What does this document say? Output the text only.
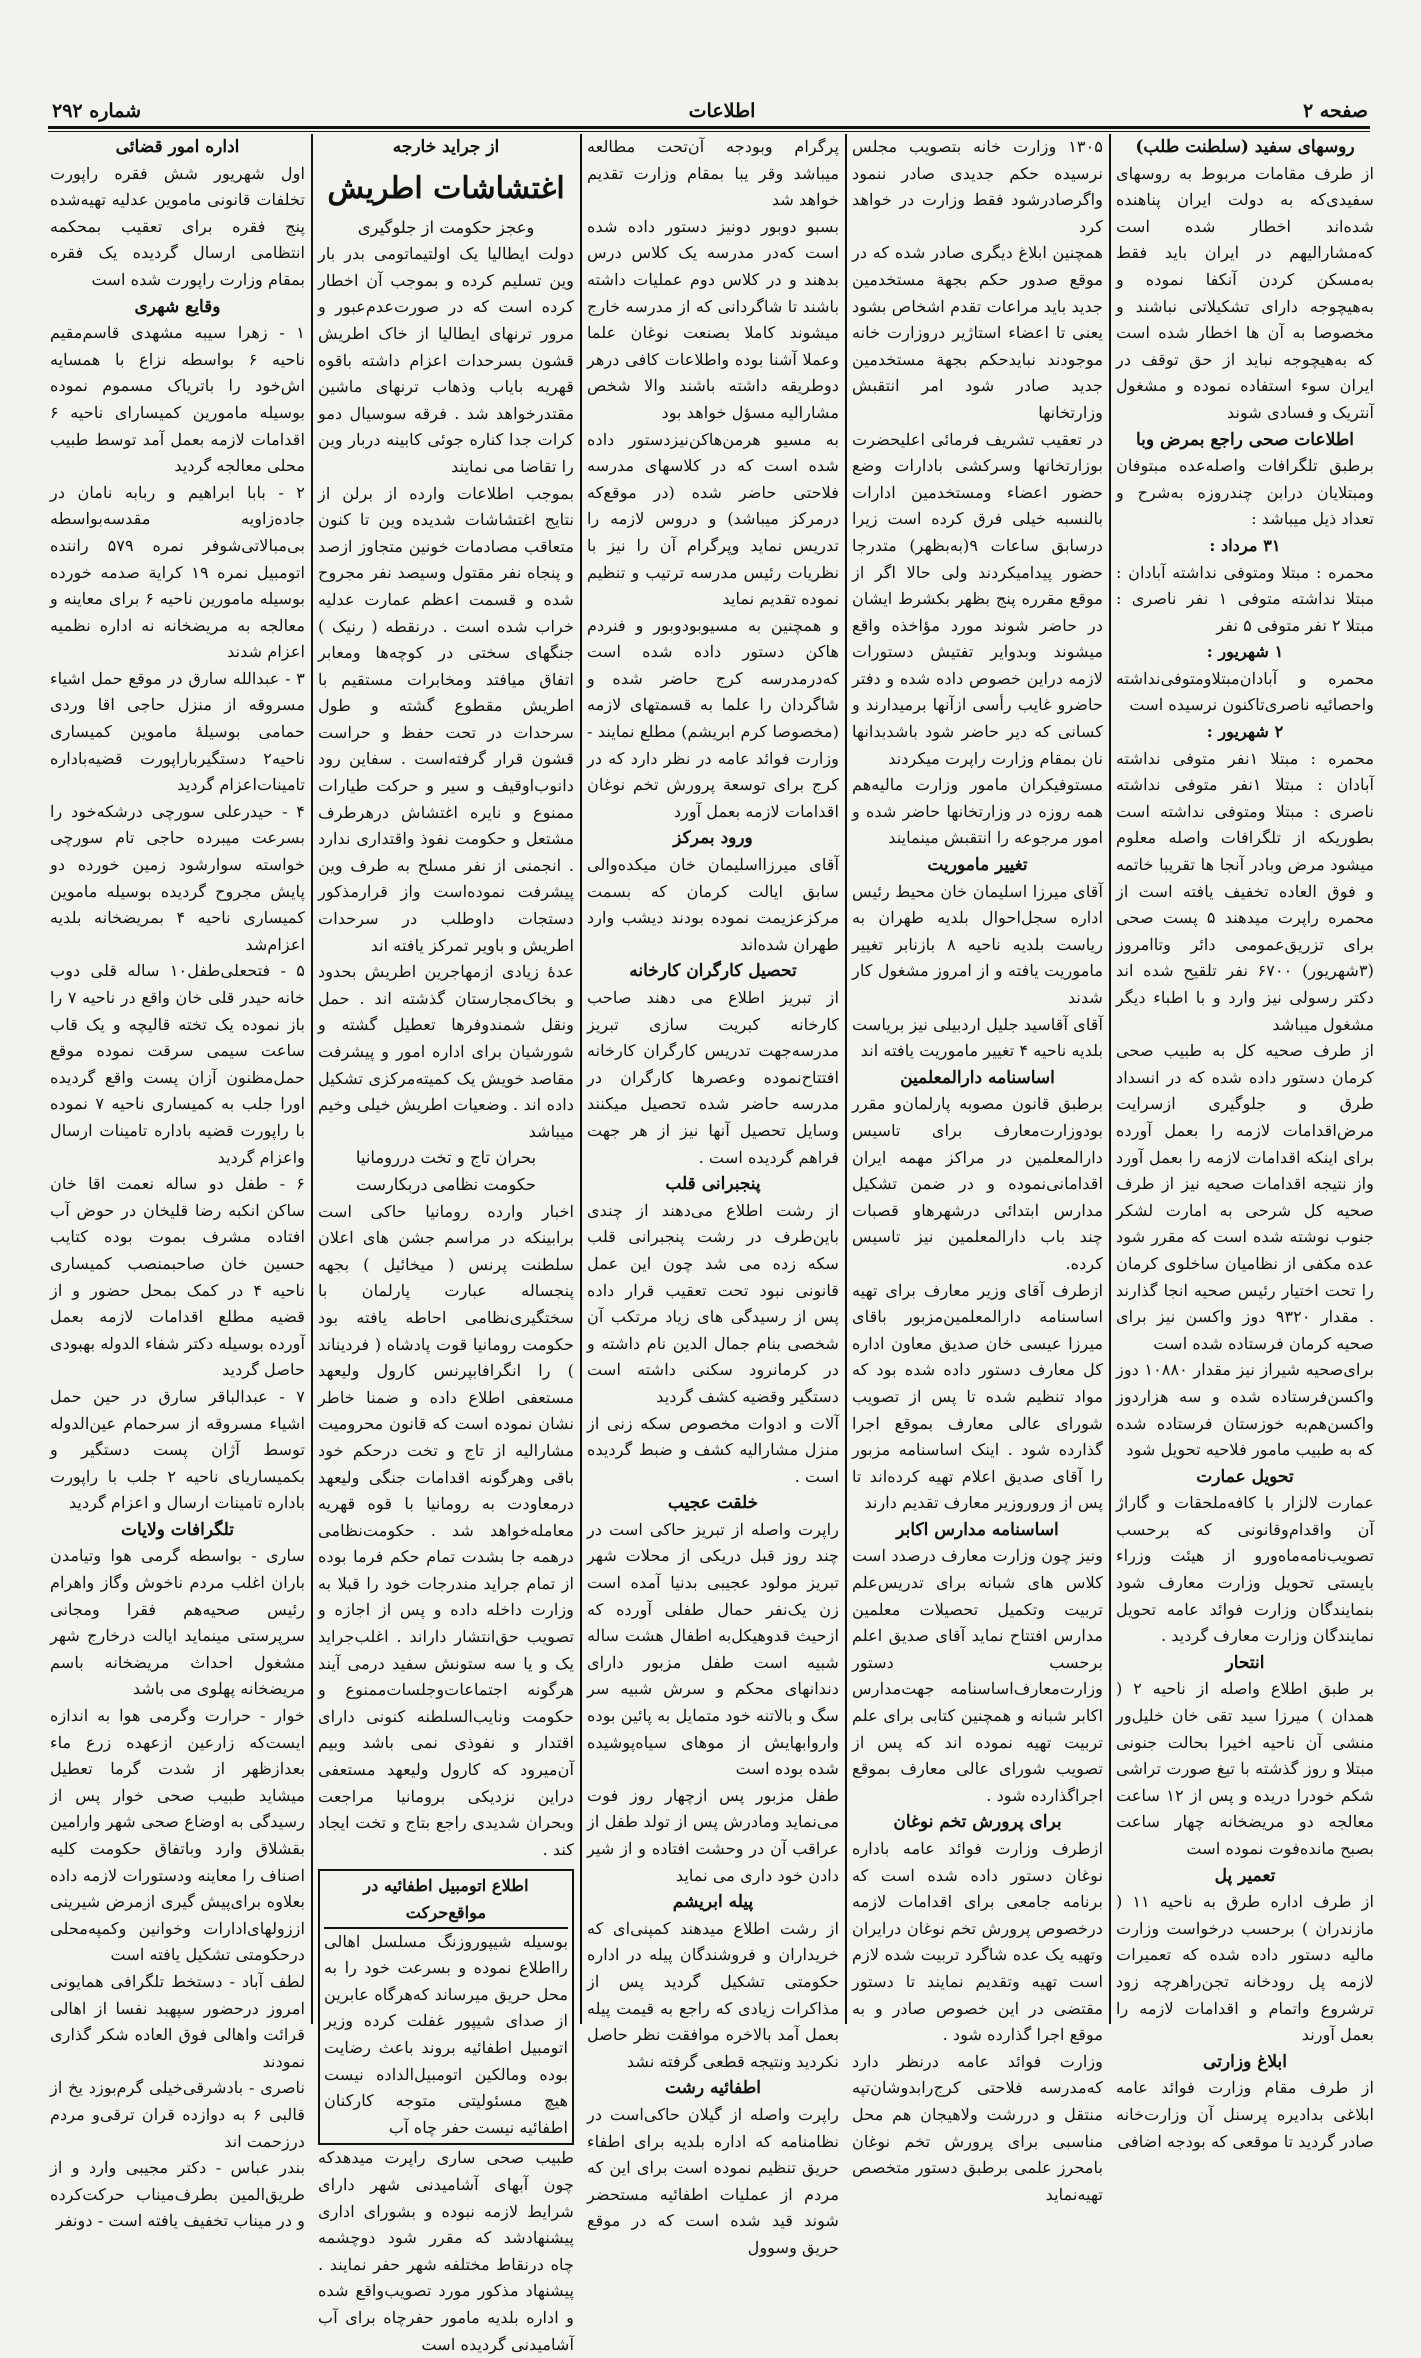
صفحه ۲
اطلاعات
شماره ۲۹۲
روسهای سفید (سلطنت طلب)

از طرف مقامات مربوط به روسهای سفیدی‌که به دولت ایران پناهنده شده‌اند اخطار شده است که‌مشارالیهم در ایران باید فقط به‌مسکن کردن آنکفا نموده و به‌هیچوجه دارای تشکیلاتی نباشند و مخصوصا به آن ها اخطار شده است که به‌هیچوجه نباید از حق توقف در ایران سوء استفاده نموده و مشغول آنتریک و فسادی شوند

اطلاعات صحی راجع بمرض وبا

برطبق تلگرافات واصله‌عده مبتوفان ومبتلایان درابن چندروزه به‌شرح و تعداد ذیل میباشد :

۳۱ مرداد :

محمره : مبتلا ومتوفی نداشته آبادان : مبتلا نداشته متوفی ۱ نفر ناصری : مبتلا ۲ نفر متوفی ۵ نفر

۱ شهریور :

محمره و آبادان‌مبتلاومتوفی‌نداشته واحصائیه ناصری‌تاکنون نرسیده است

۲ شهریور :

محمره : مبتلا ۱نفر متوفی نداشته آبادان : مبتلا ۱نفر متوفی نداشته ناصری : مبتلا ومتوفی نداشته است بطوریکه از تلگرافات واصله معلوم میشود مرض وبادر آنجا ها تقریبا خاتمه و فوق العاده تخفیف یافته است از محمره راپرت میدهند ۵ پست صحی برای تزریق‌عمومی دائر وتاامروز (۳شهریور) ۶۷۰۰ نفر تلقیح شده اند دکتر رسولی نیز وارد و با اطباء دیگر مشغول میباشد

از طرف صحیه کل به طبیب صحی کرمان دستور داده شده که در انسداد طرق و جلوگیری ازسرایت مرض‌اقدامات لازمه را بعمل آورده برای اینکه اقدامات لازمه را بعمل آورد واز نتیجه اقدامات صحیه نیز از طرف صحیه کل شرحی به امارت لشکر جنوب نوشته شده است که مقرر شود عده مکفی از نظامیان ساخلوی کرمان را تحت اختیار رئیس صحیه انجا گذارند . مقدار ۹۳۲۰ دوز واکسن نیز برای صحیه کرمان فرستاده شده است

برای‌صحیه شیراز نیز مقدار ۱۰۸۸۰ دوز واکسن‌فرستاده شده و سه هزاردوز واکسن‌هم‌به خوزستان فرستاده شده که به طبیب مامور فلاحیه تحویل شود

تحویل عمارت

عمارت لالزار با کافه‌ملحقات و گاراژ آن واقدام‌وقانونی که برحسب تصویب‌نامه‌ماه‌ورو از هیئت وزراء بایستی تحویل وزارت معارف شود بنمایندگان وزارت فوائد عامه تحویل نمایندگان وزارت معارف گردید .

انتحار

بر طبق اطلاع واصله از ناحیه ۲ ( همدان ) میرزا سید تقی خان خلیل‌ور منشی آن ناحیه اخیرا بحالت جنونی مبتلا و روز گذشته با تیغ صورت تراشی شکم خودرا دریده و پس از ۱۲ ساعت معالجه دو مریضخانه چهار ساعت بصبح مانده‌فوت نموده است

تعمیر پل

از طرف اداره طرق به ناحیه ۱۱ ( مازندران ) برحسب درخواست وزارت مالیه دستور داده شده که تعمیرات لازمه پل رودخانه تجن‌راهرچه زود ترشروع واتمام و اقدامات لازمه را بعمل آورند

ابلاغ وزارتی

از طرف مقام وزارت فوائد عامه ابلاغی بدادیره پرسنل آن وزارت‌خانه صادر گردید تا موقعی که بودجه اضافی

۱۳۰۵ وزارت خانه بتصویب مجلس نرسیده حکم جدیدی صادر ننمود واگرصادرشود فقط وزارت در خواهد کرد

همچنین ابلاغ دیگری صادر شده که در موقع صدور حکم بجهة مستخدمین جدید باید مراعات تقدم اشخاص بشود یعنی تا اعضاء استاژیر دروزارت خانه موجودند نبایدحکم بجهة مستخدمین جدید صادر شود امر انتقبش وزارتخانها

در تعقیب تشریف فرمائی اعلیحضرت بوزارتخانها وسرکشی بادارات وضع حضور اعضاء ومستخدمین ادارات بالنسبه خیلی فرق کرده است زیرا درسابق ساعات ۹(به‌بظهر) متدرجا حضور پیدامیکردند ولی حالا اگر از موقع مقرره پنج بظهر بکشرط ایشان در حاضر شوند مورد مؤاخذه واقع میشوند وبدوایر تفتیش دستورات لازمه دراین خصوص داده شده و دفتر حاضرو غایب رأسی ازآنها برمیدارند و کسانی که دیر حاضر شود باشدبدانها نان بمقام وزارت راپرت میکردند

مستوفیکران مامور وزارت مالیه‌هم همه روزه در وزارتخانها حاضر شده و امور مرجوعه را انتقبش مینمایند

تغییر ماموریت

آقای میرزا اسلیمان خان محیط رئیس اداره سجل‌احوال بلدیه طهران به ریاست بلدیه ناحیه ۸ بازنابر تغییر ماموریت یافته و از امروز مشغول کار شدند

آقای آقاسید جلیل اردبیلی نیز بریاست بلدیه ناحیه ۴ تغییر ماموریت یافته اند

اساسنامه دارالمعلمین

برطبق قانون مصوبه پارلمان‌و مقرر بودوزارت‌معارف برای تاسیس دارالمعلمین در مراکز مهمه ایران اقدامانی‌نموده و در ضمن تشکیل مدارس ابتدائی درشهرهاو قصبات چند باب دارالمعلمین نیز تاسیس کرده.

ازطرف آقای وزیر معارف برای تهیه اساسنامه دارالمعلمین‌مزبور باقای میرزا عیسی خان صدیق معاون اداره کل معارف دستور داده شده بود که مواد تنظیم شده تا پس از تصویب شورای عالی معارف بموقع اجرا گذارده شود . اینک اساسنامه مزبور را آقای صدیق اعلام تهیه کرده‌اند تا پس از وروروزیر معارف تقدیم دارند

اساسنامه مدارس اکابر

ونیز چون وزارت معارف درصدد است کلاس های شبانه برای تدریس‌علم تربیت وتکمیل تحصیلات معلمین مدارس افتتاح نماید آقای صدیق اعلم برحسب دستور وزارت‌معارف‌اساسنامه جهت‌مدارس اکابر شبانه و همچنین کتابی برای علم تربیت تهیه نموده اند که پس از تصویب شورای عالی معارف بموقع اجراگذارده شود .

برای پرورش تخم نوغان

ازطرف وزارت فوائد عامه باداره نوغان دستور داده شده است که برنامه جامعی برای اقدامات لازمه درخصوص پرورش تخم نوغان درایران وتهیه یک عده شاگرد تربیت شده لازم است تهیه وتقدیم نمایند تا دستور مقتضی در این خصوص صادر و به موقع اجرا گذارده شود .

وزارت فوائد عامه درنظر دارد که‌مدرسه فلاحتی کرج‌رابدوشان‌تپه منتقل و در‌رشت ولاهیجان هم محل مناسبی برای پرورش تخم نوغان بامحرز علمی برطبق دستور متخصص تهیه‌نماید

پرگرام وبودجه آن‌تحت مطالعه میباشد وقر یبا بمقام وزارت تقدیم خواهد شد

بسبو دوبور دونیز دستور داده شده است که‌در مدرسه یک کلاس درس بدهند و در کلاس دوم عملیات داشته باشند تا شاگردانی که از مدرسه خارج میشوند کاملا بصنعت نوغان علما وعملا آشنا بوده واطلاعات کافی درهر دوطریقه داشته باشند والا شخص مشارالیه مسؤل خواهد بود

به مسیو هرمن‌هاکن‌نیزدستور داده شده است که در کلاسهای مدرسه فلاحتی حاضر شده (در موقع‌که درمرکز میباشد) و دروس لازمه را تدریس نماید وپرگرام آن را نیز با نظریات رئیس مدرسه ترتیب و تنظیم نموده تقدیم نماید

و همچنین به مسیوبودوبور و فنردم هاکن دستور داده شده است که‌درمدرسه کرج حاضر شده و شاگردان را علما به قسمتهای لازمه (مخصوصا کرم ابریشم) مطلع نمایند - وزارت فوائد عامه در نظر دارد که در کرج برای توسعة پرورش تخم نوغان اقدامات لازمه بعمل آورد

ورود بمرکز

آقای میرزااسلیمان خان میکده‌والی سابق ایالت کرمان که بسمت مرکزعزیمت نموده بودند دیشب وارد طهران شده‌اند

تحصیل کارگران کارخانه

از تبریز اطلاع می دهند صاحب کارخانه کبریت سازی تبریز مدرسه‌جهت تدریس کارگران کارخانه افتتاح‌نموده وعصرها کارگران در مدرسه حاضر شده تحصیل میکنند وسایل تحصیل آنها نیز از هر جهت فراهم گردیده است .

پنجبرانی قلب

از رشت اطلاع می‌دهند از چندی باین‌طرف در رشت پنجبرانی قلب سکه زده می شد چون این عمل قانونی نبود تحت تعقیب قرار داده پس از رسیدگی های زیاد مرتکب آن شخصی بنام جمال الدین نام داشته و در کرمانرود سکنی داشته است دستگیر وقضیه کشف گردید

آلات و ادوات مخصوص سکه زنی از منزل مشارالیه کشف و ضبط گردیده است .

خلقت عجیب

راپرت واصله از تبریز حاکی است در چند روز قبل دریکی از محلات شهر تبریز مولود عجیبی بدنیا آمده است زن یک‌نفر حمال طفلی آورده که ازحیث قدوهیکل‌به اطفال هشت ساله شبیه است طفل مزبور دارای دندانهای محکم و سرش شبیه سر سگ و بالاتنه خود متمایل به پائین بوده واروابهایش از موهای سیاه‌پوشیده شده بوده است

طفل مزبور پس ازچهار روز فوت می‌نماید ومادرش پس از تولد طفل از عراقب آن در وحشت افتاده و از شیر دادن خود داری می نماید

پیله ابریشم

از رشت اطلاع میدهند کمپنی‌ای که خریداران و فروشندگان پیله در اداره حکومتی تشکیل گردید پس از مذاکرات زیادی که راجع به قیمت پیله بعمل آمد بالاخره موافقت نظر حاصل نکردید ونتیجه قطعی گرفته نشد

اطفائیه رشت

راپرت واصله از گیلان حاکی‌است در نظامنامه که اداره بلدیه برای اطفاء حریق تنظیم نموده است برای این که مردم از عملیات اطفائیه مستحضر شوند قید شده است که در موقع حریق وسوول

از جراید خارجه
اغتشاشات اطریش
وعجز حکومت از جلوگیری

دولت ایطالیا یک اولتیماتومی بدر بار وین تسلیم کرده و بموجب آن اخطار کرده است که در صورت‌عدم‌عبور و مرور ترنهای ایطالیا از خاک اطریش قشون بسرحدات اعزام داشته باقوه قهریه بایاب وذهاب ترنهای ماشین مقتدرخواهد شد . فرقه سوسیال دمو کرات جدا کناره جوئی کابینه دربار وین را تقاضا می نمایند

بموجب اطلاعات وارده از برلن از نتایج اغتشاشات شدیده وین تا کنون متعاقب مصادمات خونین متجاوز ازصد و پنجاه نفر مقتول وسیصد نفر مجروح شده و قسمت اعظم عمارت عدلیه خراب شده است . درنقطه ( رنیک ) جنگهای سختی در کوچه‌ها ومعابر اتفاق میافتد ومخابرات مستقیم با اطریش مقطوع گشته و طول سرحدات در تحت حفظ و حراست قشون قرار گرفته‌است . سفاین رود دانوب‌اوقیف و سیر و حرکت طیارات ممنوع و نایره اغتشاش درهرطرف مشتعل و حکومت نفوذ واقتداری ندارد . انجمنی از نفر مسلح به طرف وین پیشرفت نموده‌است واز قرارمذکور دستجات داوطلب در سرحدات اطریش و باویر تمرکز یافته اند

عدهٔ زیادی ازمهاجرین اطریش بحدود و بخاک‌مجارستان گذشته اند . حمل ونقل شمندوفرها تعطیل گشته و شورشیان برای اداره امور و پیشرفت مقاصد خویش یک کمیته‌مرکزی تشکیل داده اند . وضعیات اطریش خیلی وخیم میباشد

بحران تاج و تخت دررومانیا
حکومت نظامی دربکارست

اخبار وارده رومانیا حاکی است برابینکه در مراسم جشن های اعلان سلطنت پرنس ( میخائیل ) بجهه پنجساله عبارت پارلمان با سختگیری‌نظامی احاطه یافته بود حکومت رومانیا قوت پادشاه ( فردیناند ) را انگرافا‌بپرنس کارول ولیعهد مستعفی اطلاع داده و ضمنا خاطر نشان نموده است که قانون محرومیت مشارالیه از تاج و تخت درحکم خود باقی وهرگونه اقدامات جنگی ولیعهد درمعاودت به رومانیا با قوه قهریه معامله‌خواهد شد . حکومت‌نظامی درهمه جا بشدت تمام حکم فرما بوده از تمام جراید مندرجات خود را قبلا به وزارت داخله داده و پس از اجازه و تصویب حق‌انتشار داراند . اغلب‌جراید یک و یا سه ستونش سفید درمی آیند هرگونه اجتماعات‌وجلسات‌ممنوع و حکومت ونایب‌السلطنه کنونی دارای اقتدار و نفوذی نمی باشد وبیم آن‌میرود که کارول ولیعهد مستعفی دراین نزدیکی برومانیا مراجعت وبحران شدیدی راجع بتاج و تخت ایجاد کند .

اطلاع اتومبیل اطفائیه در مواقع‌حرکت

بوسیله شیپوروزنگ مسلسل اهالی رااطلاع نموده و بسرعت خود را به محل حریق میرساند که‌هرگاه عابرین از صدای شیپور غفلت کرده وزیر اتومبیل اطفائیه بروند باعث رضایت بوده ومالکین اتومبیل‌الداده نیست هیچ مسئولیتی متوجه کارکنان اطفائیه نیست حفر چاه آب

طبیب صحی ساری راپرت میدهدکه چون آبهای آشامیدنی شهر دارای شرایط لازمه نبوده و بشورای اداری پیشنهادشد که مقرر شود دوچشمه چاه درنقاط مختلفه شهر حفر نمایند . پیشنهاد مذکور مورد تصویب‌واقع‌ شده‌ و اداره بلدیه مامور حفرچاه برای آب آشامیدنی گردیده است

اداره امور قضائی

اول شهریور شش فقره راپورت تخلفات قانونی ماموین عدلیه تهیه‌شده پنج فقره برای تعقیب بمحکمه انتظامی ارسال گردیده یک فقره بمقام وزارت راپورت شده است

وقایع شهری

۱ - زهرا سیبه مشهدی قاسم‌مقیم ناحیه ۶ بواسطه نزاع با همسایه اش‌خود را باتریاک مسموم نموده بوسیله مامورین کمیسارای ناحیه ۶ اقدامات لازمه بعمل آمد توسط طبیب محلی معالجه گردید

۲ - بابا ابراهیم و ربابه نامان در جاده‌زاویه مقدسه‌بواسطه بی‌مبالاتی‌شوفر نمره ۵۷۹ راننده اتومبیل نمره ۱۹ کرایة صدمه خورده بوسیله مامورین ناحیه ۶ برای معاینه و معالجه به مریضخانه نه اداره نظمیه اعزام شدند

۳ - عبدالله سارق در موقع حمل اشیاء مسروقه از منزل حاجی اقا وردی حمامی بوسیلهٔ ماموین کمیساری ناحیه۲ دستگیرباراپورت قضیه‌باداره تامینات‌اعزام گردید

۴ - حیدرعلی سورچی درشکه‌خود را بسرعت میبرده حاجی تام سورچی خواسته سوارشود زمین خورده دو پایش مجروح گردیده بوسیله ماموین کمیساری ناحیه ۴ بمریضخانه بلدیه اعزام‌شد

۵ - فتحعلی‌طفل۱۰ ساله قلی دوب خانه حیدر قلی خان واقع در ناحیه ۷ را باز نموده یک تخته قالیچه و یک قاب ساعت سیمی سرقت نموده موقع حمل‌مظنون آزان پست واقع گردیده اورا جلب به کمیساری ناحیه ۷ نموده با راپورت قضیه باداره تامینات ارسال واعزام گردید

۶ - طفل دو ساله نعمت اقا خان ساکن انکبه رضا قلیخان در حوض آب افتاده مشرف بموت بوده کتایب حسین خان صاحبمنصب کمیساری ناحیه ۴ در کمک بمحل حضور و از قضیه مطلع اقدامات لازمه بعمل آورده بوسیله دکتر شفاء الدوله بهبودی حاصل گردید

۷ - عبدالباقر سارق در حین حمل اشیاء مسروقه از سرحمام عین‌الدوله توسط آژان پست دستگیر و بکمیساریای ناحیه ۲ جلب با راپورت باداره تامینات ارسال و اعزام گردید

تلگرافات ولایات

ساری - بواسطه گرمی هوا وتیامدن باران اغلب مردم ناخوش وگاز واهرام رئیس صحیه‌هم فقرا ومجانی سرپرستی مینماید ایالت درخارج شهر مشغول احداث مریضخانه باسم مریضخانه پهلوی می باشد

خوار - حرارت وگرمی هوا به اندازه ایست‌که زارعین ازعهده زرع ماء بعدازظهر از شدت گرما تعطیل میشاید طبیب صحی خوار پس از رسیدگی به اوضاع صحی شهر وارامین بقشلاق وارد وباتفاق حکومت کلیه اصناف را معاینه ودستورات لازمه داده بعلاوه برای‌پیش گیری ازمرض شیرینی اززولهای‌ادارات وخوانین وکمپه‌محلی درحکومتی تشکیل یافته است

لطف آباد - دستخط تلگرافی همایونی امروز درحضور سپهبد نفسا از اهالی قرائت واهالی فوق العاده شکر گذاری نمودند

ناصری - بادشرقی‌خیلی گرم‌بوزد یخ از قالبی ۶ به دوازده قران ترقی‌و مردم درزحمت اند

بندر عباس - دکتر مجیبی وارد و از طریق‌المین بطرف‌میناب حرکت‌کرده و در میناب تخفیف یافته است - دونفر
